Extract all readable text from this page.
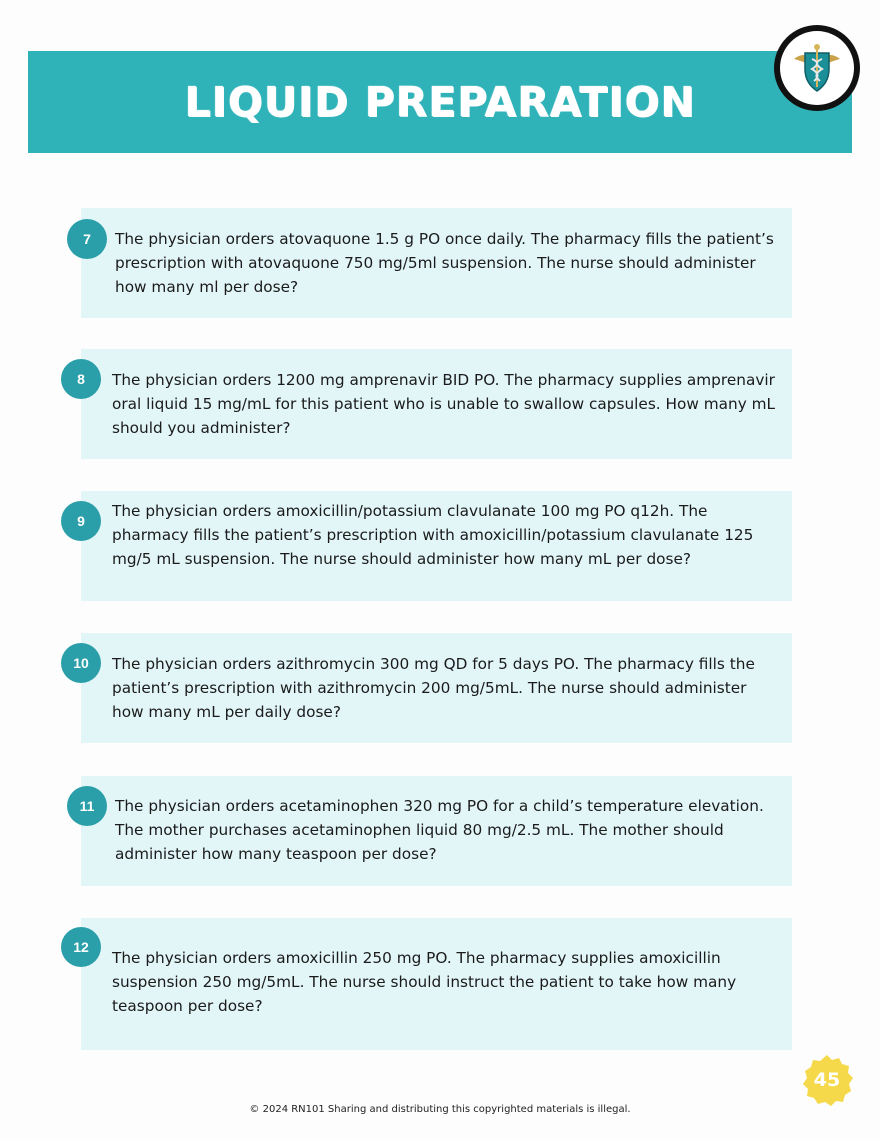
LIQUID PREPARATION
7	The physician orders atovaquone 1.5 g PO once daily. The pharmacy fills the patient’s prescription with atovaquone 750 mg/5ml suspension. The nurse should administer how many ml per dose?
8	The physician orders 1200 mg amprenavir BID PO. The pharmacy supplies amprenavir oral liquid 15 mg/mL for this patient who is unable to swallow capsules. How many mL should you administer?
9
The physician orders amoxicillin/potassium clavulanate 100 mg PO q12h. The pharmacy fills the patient’s prescription with amoxicillin/potassium clavulanate 125 mg/5 mL suspension. The nurse should administer how many mL per dose?
10	The physician orders azithromycin 300 mg QD for 5 days PO. The pharmacy fills the patient’s prescription with azithromycin 200 mg/5mL. The nurse should administer how many mL per daily dose?
11	The physician orders acetaminophen 320 mg PO for a child’s temperature elevation. The mother purchases acetaminophen liquid 80 mg/2.5 mL. The mother should administer how many teaspoon per dose?
12
The physician orders amoxicillin 250 mg PO. The pharmacy supplies amoxicillin suspension 250 mg/5mL. The nurse should instruct the patient to take how many teaspoon per dose?
45
© 2024 RN101 Sharing and distributing this copyrighted materials is illegal.
